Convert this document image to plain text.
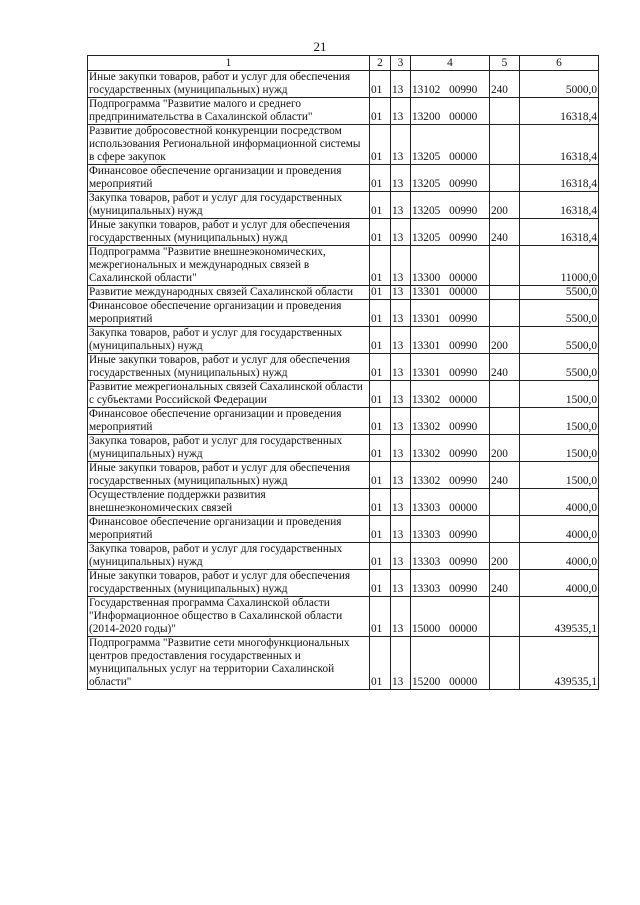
21
1	2	3	4	5	6
Иные закупки товаров, работ и услуг для обеспечения государственных (муниципальных) нужд	01	13	13102 00990	240	5000,0
Подпрограмма "Развитие малого и среднего предпринимательства в Сахалинской области"	01	13	13200 00000		16318,4
Развитие добросовестной конкуренции посредством использования Региональной информационной системы в сфере закупок	01	13	13205 00000		16318,4
Финансовое обеспечение организации и проведения мероприятий	01	13	13205 00990		16318,4
Закупка товаров, работ и услуг для государственных (муниципальных) нужд	01	13	13205 00990	200	16318,4
Иные закупки товаров, работ и услуг для обеспечения государственных (муниципальных) нужд	01	13	13205 00990	240	16318,4
Подпрограмма "Развитие внешнеэкономических, межрегиональных и международных связей в Сахалинской области"	01	13	13300 00000		11000,0
Развитие международных связей Сахалинской области	01	13	13301 00000		5500,0
Финансовое обеспечение организации и проведения мероприятий	01	13	13301 00990		5500,0
Закупка товаров, работ и услуг для государственных (муниципальных) нужд	01	13	13301 00990	200	5500,0
Иные закупки товаров, работ и услуг для обеспечения государственных (муниципальных) нужд	01	13	13301 00990	240	5500,0
Развитие межрегиональных связей Сахалинской области с субъектами Российской Федерации	01	13	13302 00000		1500,0
Финансовое обеспечение организации и проведения мероприятий	01	13	13302 00990		1500,0
Закупка товаров, работ и услуг для государственных (муниципальных) нужд	01	13	13302 00990	200	1500,0
Иные закупки товаров, работ и услуг для обеспечения государственных (муниципальных) нужд	01	13	13302 00990	240	1500,0
Осуществление поддержки развития внешнеэкономических связей	01	13	13303 00000		4000,0
Финансовое обеспечение организации и проведения мероприятий	01	13	13303 00990		4000,0
Закупка товаров, работ и услуг для государственных (муниципальных) нужд	01	13	13303 00990	200	4000,0
Иные закупки товаров, работ и услуг для обеспечения государственных (муниципальных) нужд	01	13	13303 00990	240	4000,0
Государственная программа Сахалинской области "Информационное общество в Сахалинской области (2014-2020 годы)"	01	13	15000 00000		439535,1
Подпрограмма "Развитие сети многофункциональных центров предоставления государственных и муниципальных услуг на территории Сахалинской области"	01	13	15200 00000		439535,1
